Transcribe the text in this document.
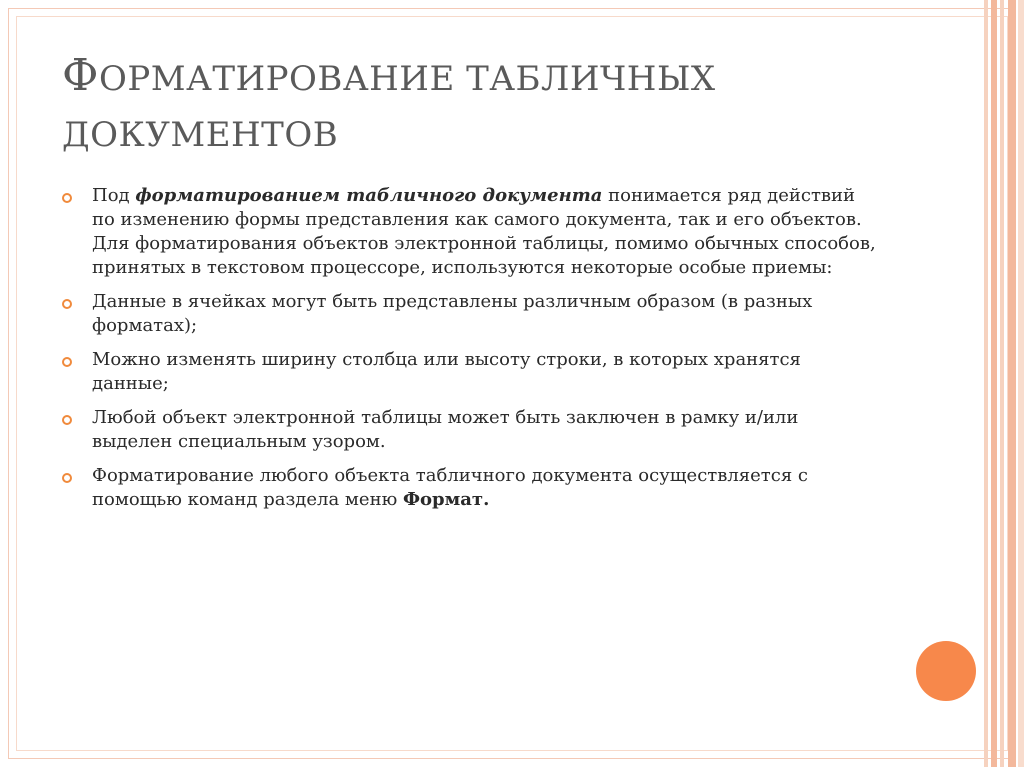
ФОРМАТИРОВАНИЕ ТАБЛИЧНЫХ
ДОКУМЕНТОВ
Под форматированием табличного документа понимается ряд действий по изменению формы представления как самого документа, так и его объектов. Для форматирования объектов электронной таблицы, помимо обычных способов, принятых в текстовом процессоре, используются некоторые особые приемы:
Данные в ячейках могут быть представлены различным образом (в разных форматах);
Можно изменять ширину столбца или высоту строки, в которых хранятся данные;
Любой объект электронной таблицы может быть заключен в рамку и/или выделен специальным узором.
Форматирование любого объекта табличного документа осуществляется с помощью команд раздела меню Формат.
